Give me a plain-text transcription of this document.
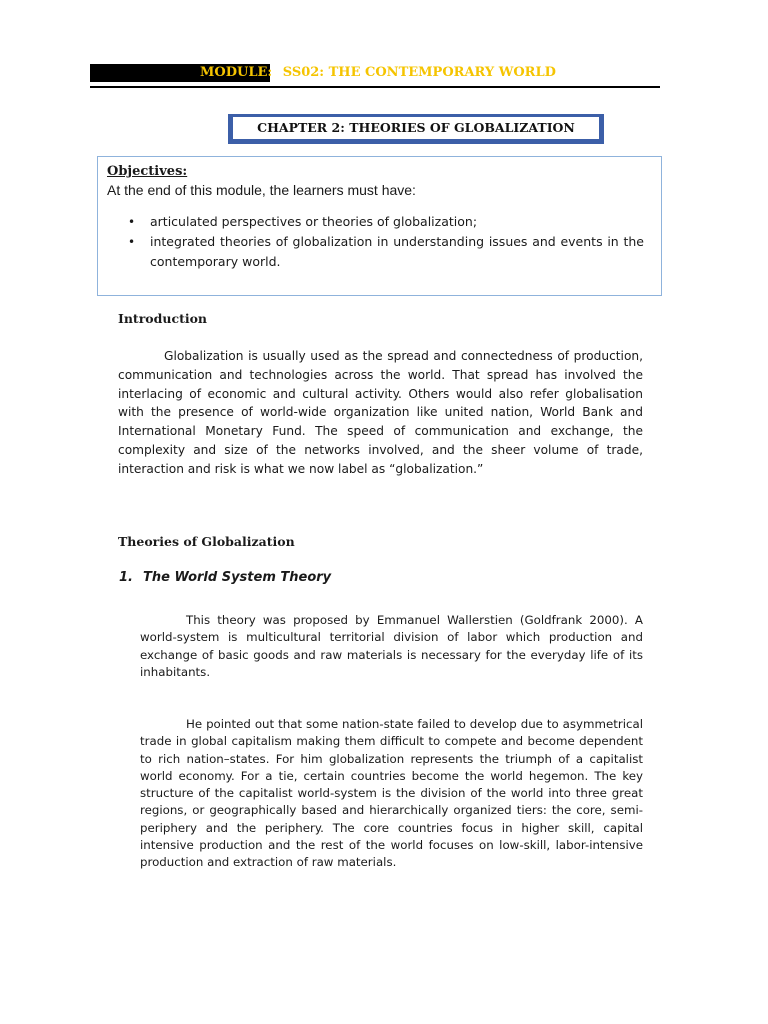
MODULE: SS02: THE CONTEMPORARY WORLD
CHAPTER 2: THEORIES OF GLOBALIZATION
Objectives:
At the end of this module, the learners must have:
• articulated perspectives or theories of globalization;
• integrated theories of globalization in understanding issues and events in the contemporary world.
Introduction

Globalization is usually used as the spread and connectedness of production, communication and technologies across the world. That spread has involved the interlacing of economic and cultural activity. Others would also refer globalisation with the presence of world-wide organization like united nation, World Bank and International Monetary Fund. The speed of communication and exchange, the complexity and size of the networks involved, and the sheer volume of trade, interaction and risk is what we now label as “globalization.”

Theories of Globalization
1. The World System Theory

This theory was proposed by Emmanuel Wallerstien (Goldfrank 2000). A world-system is multicultural territorial division of labor which production and exchange of basic goods and raw materials is necessary for the everyday life of its inhabitants.

He pointed out that some nation-state failed to develop due to asymmetrical trade in global capitalism making them difficult to compete and become dependent to rich nation–states. For him globalization represents the triumph of a capitalist world economy. For a tie, certain countries become the world hegemon. The key structure of the capitalist world-system is the division of the world into three great regions, or geographically based and hierarchically organized tiers: the core, semi-periphery and the periphery. The core countries focus in higher skill, capital intensive production and the rest of the world focuses on low-skill, labor-intensive production and extraction of raw materials.
